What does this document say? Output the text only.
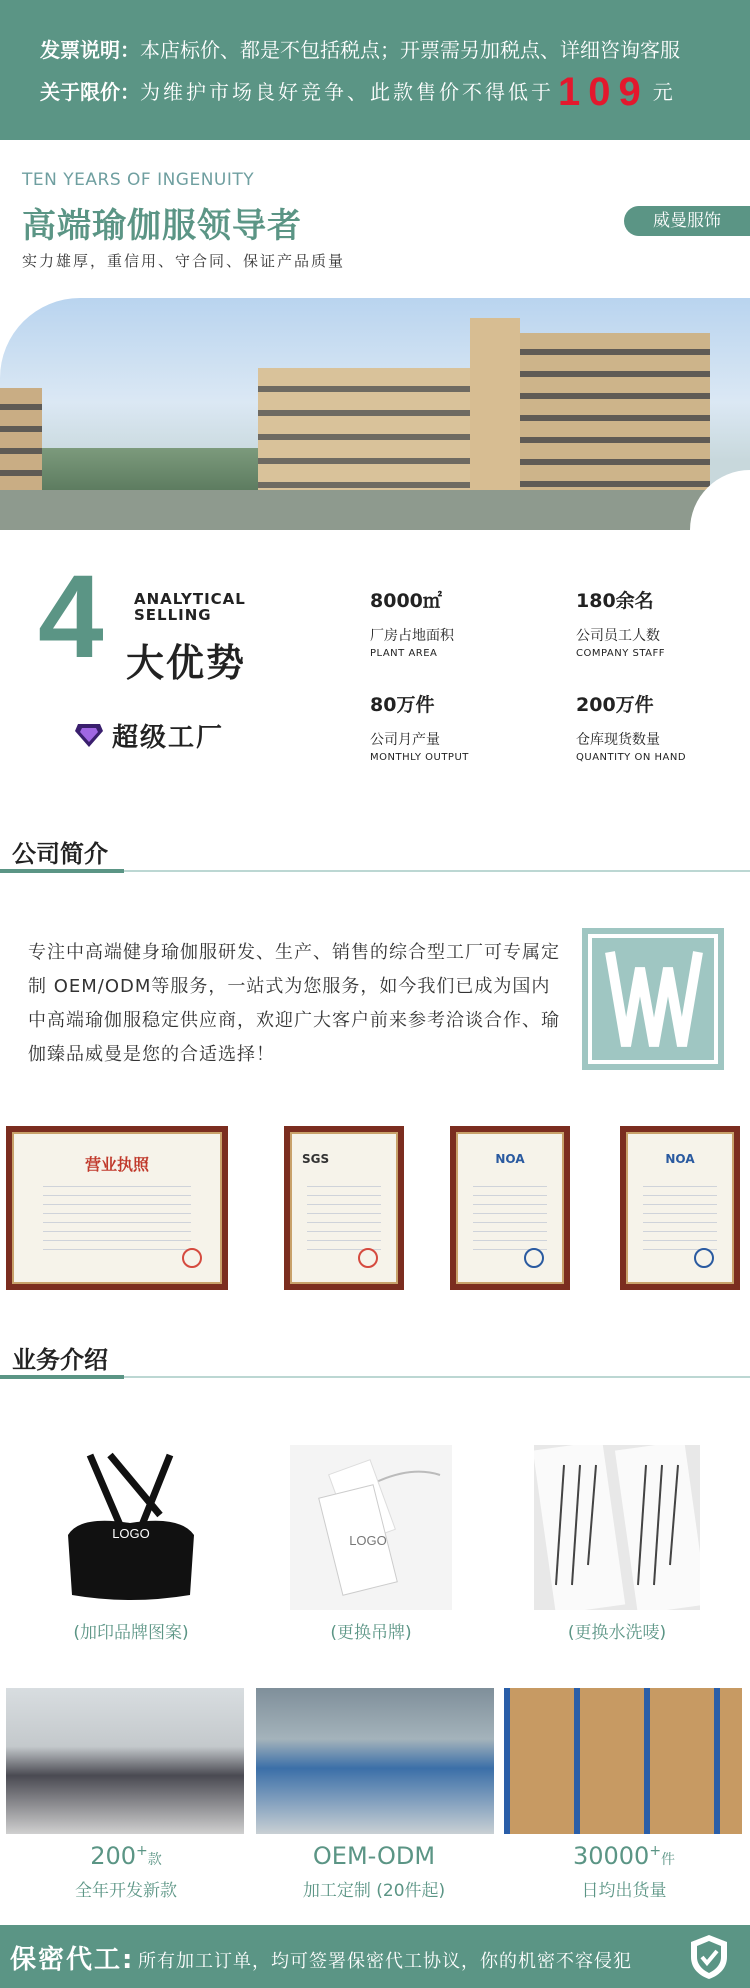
发票说明：本店标价、都是不包括税点；开票需另加税点、详细咨询客服
关于限价：为维护市场良好竞争、此款售价不得低于 109 元
TEN YEARS OF INGENUITY
高端瑜伽服领导者
实力雄厚，重信用、守合同、保证产品质量
威曼服饰
4 ANALYTICAL
SELLING
大优势
超级工厂
8000㎡
厂房占地面积
PLANT AREA
180余名
公司员工人数
COMPANY STAFF
80万件
公司月产量
MONTHLY OUTPUT
200万件
仓库现货数量
QUANTITY ON HAND
公司简介
专注中高端健身瑜伽服研发、生产、销售的综合型工厂可专属定制 OEM/ODM等服务，一站式为您服务，如今我们已成为国内中高端瑜伽服稳定供应商，欢迎广大客户前来参考洽谈合作、瑜伽臻品威曼是您的合适选择！
营业执照	SGS	NOA	NOA
业务介绍
LOGO	LOGO
(加印品牌图案)	(更换吊牌)	(更换水洗唛)
200+款	OEM-ODM	30000+件
全年开发新款	加工定制 (20件起)	日均出货量
保密代工: 所有加工订单，均可签署保密代工协议，你的机密不容侵犯
